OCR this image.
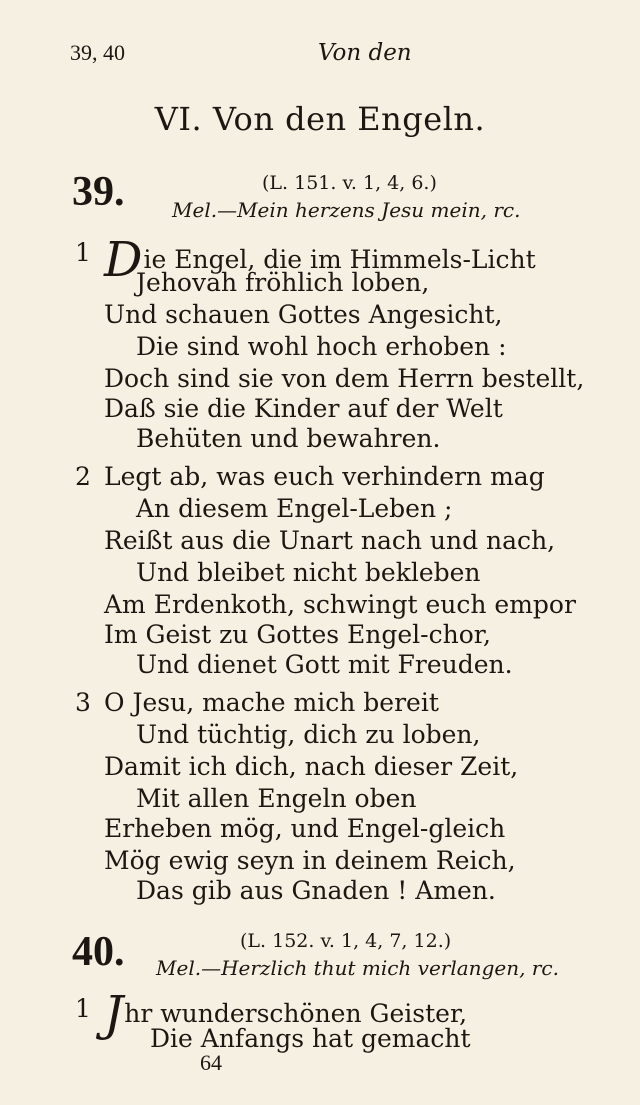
39, 40	Von den
VI. Von den Engeln.
39.	(L. 151. v. 1, 4, 6.)
Mel.—Mein herzens Jesu mein, rc.
1 Die Engel, die im Himmels-Licht
Jehovah fröhlich loben,
Und schauen Gottes Angesicht,
Die sind wohl hoch erhoben :
Doch sind sie von dem Herrn bestellt,
Daß sie die Kinder auf der Welt
Behüten und bewahren.
2 Legt ab, was euch verhindern mag
An diesem Engel-Leben ;
Reißt aus die Unart nach und nach,
Und bleibet nicht bekleben
Am Erdenkoth, schwingt euch empor
Im Geist zu Gottes Engel-chor,
Und dienet Gott mit Freuden.
3 O Jesu, mache mich bereit
Und tüchtig, dich zu loben,
Damit ich dich, nach dieser Zeit,
Mit allen Engeln oben
Erheben mög, und Engel-gleich
Mög ewig seyn in deinem Reich,
Das gib aus Gnaden ! Amen.
40.	(L. 152. v. 1, 4, 7, 12.)
Mel.—Herzlich thut mich verlangen, rc.
1 Jhr wunderschönen Geister,
Die Anfangs hat gemacht
64
